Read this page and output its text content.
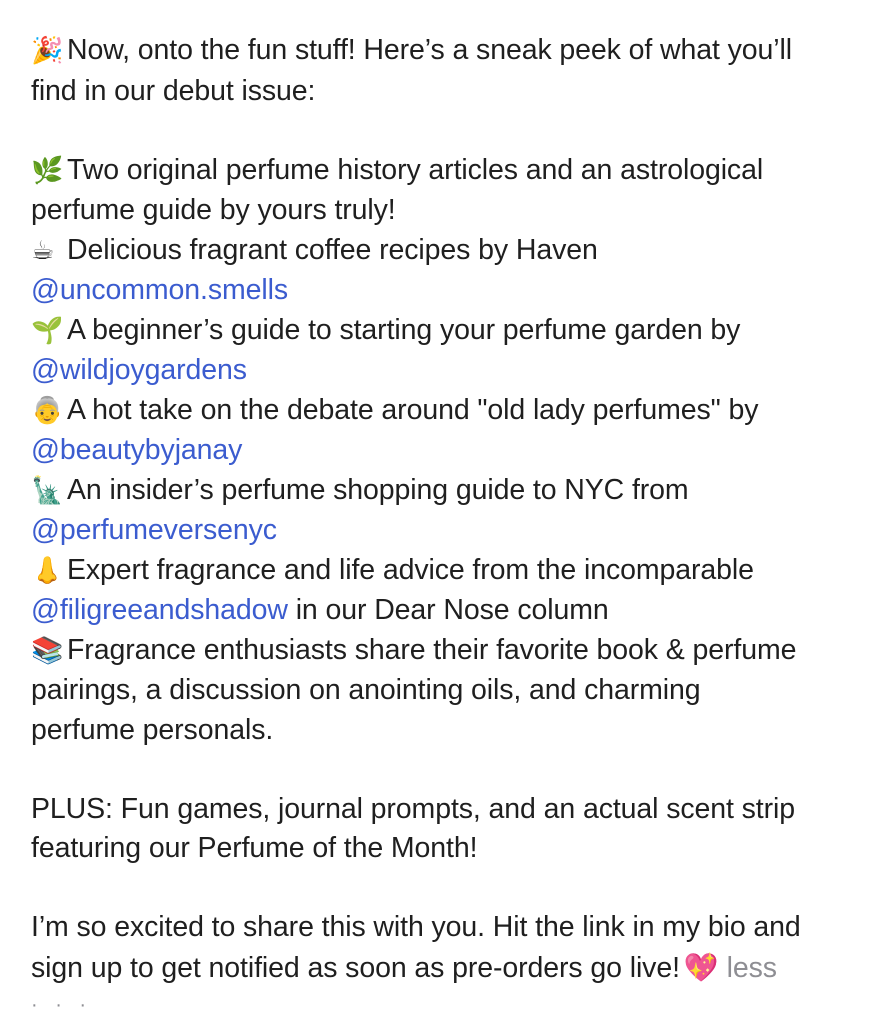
🎉 Now, onto the fun stuff! Here’s a sneak peek of what you’ll
find in our debut issue:
🌿 Two original perfume history articles and an astrological
perfume guide by yours truly!
☕ Delicious fragrant coffee recipes by Haven
@uncommon.smells
🌱 A beginner’s guide to starting your perfume garden by
@wildjoygardens
👵 A hot take on the debate around "old lady perfumes" by
@beautybyjanay
🗽 An insider’s perfume shopping guide to NYC from
@perfumeversenyc
👃 Expert fragrance and life advice from the incomparable
@filigreeandshadow in our Dear Nose column
📚 Fragrance enthusiasts share their favorite book & perfume
pairings, a discussion on anointing oils, and charming
perfume personals.
PLUS: Fun games, journal prompts, and an actual scent strip
featuring our Perfume of the Month!
I’m so excited to share this with you. Hit the link in my bio and
sign up to get notified as soon as pre-orders go live! 💖 less
· · ·
